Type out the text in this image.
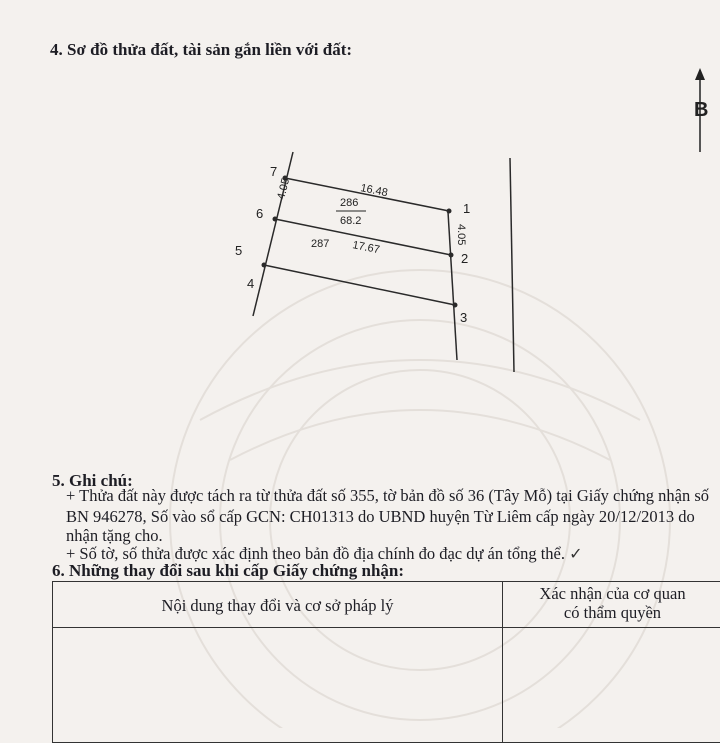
4. Sơ đồ thửa đất, tài sản gắn liền với đất:
B
7
1
6
2
5
3
4
16.48
17.67
4.05
4.05
286
68.2
287
5. Ghi chú:
+ Thửa đất này được tách ra từ thửa đất số 355, tờ bản đồ số 36 (Tây Mỗ) tại Giấy chứng nhận số
BN 946278, Số vào sổ cấp GCN: CH01313 do UBND huyện Từ Liêm cấp ngày 20/12/2013 do
nhận tặng cho.
+ Số tờ, số thửa được xác định theo bản đồ địa chính đo đạc dự án tổng thể. ✓
6. Những thay đổi sau khi cấp Giấy chứng nhận:
Nội dung thay đổi và cơ sở pháp lý
Xác nhận của cơ quan
có thẩm quyền
